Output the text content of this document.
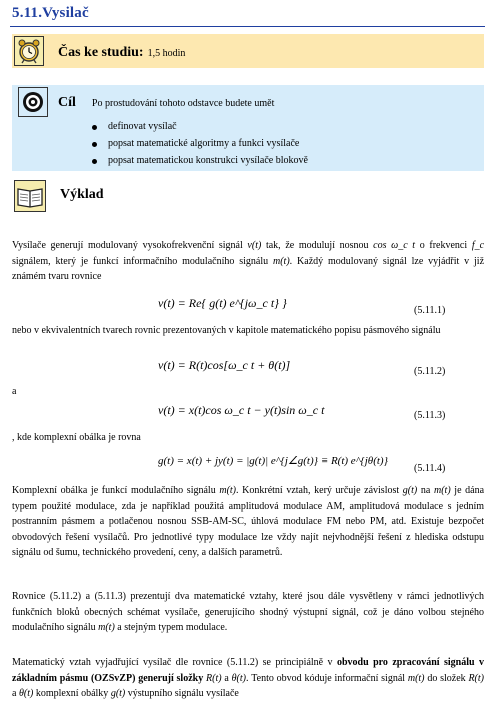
5.11.Vysilač
Čas ke studiu: 1,5 hodin
Cíl Po prostudování tohoto odstavce budete umět
definovat vysílač
popsat matematické algoritmy a funkci vysílače
popsat matematickou konstrukci vysílače blokově
Výklad
Vysílače generují modulovaný vysokofrekvenční signál v(t) tak, že modulují nosnou cos ω_c t o frekvenci f_c signálem, který je funkcí informačního modulačního signálu m(t). Každý modulovaný signál lze vyjádřit v již známém tvaru rovnice
v(t) = Re{ g(t) e^{jω_c t} }
(5.11.1)
nebo v ekvivalentních tvarech rovnic prezentovaných v kapitole matematického popisu pásmového signálu
v(t) = R(t)cos[ω_c t + θ(t)]	(5.11.2)
a
v(t) = x(t)cos ω_c t − y(t)sin ω_c t	(5.11.3)
, kde komplexní obálka je rovna
g(t) = x(t) + jy(t) = |g(t)| e^{j∠g(t)} ≡ R(t) e^{jθ(t)}
(5.11.4)
Komplexní obálka je funkcí modulačního signálu m(t). Konkrétní vztah, kerý určuje závislost g(t) na m(t) je dána typem použité modulace, zda je například použitá amplitudová modulace AM, amplitudová modulace s jedním postranním pásmem a potlačenou nosnou SSB-AM-SC, úhlová modulace FM nebo PM, atd. Existuje bezpočet obvodových řešení vysílačů. Pro jednotlivé typy modulace lze vždy najít nejvhodnější řešení z hlediska odstupu signálu od šumu, technického provedení, ceny, a dalších parametrů.
Rovnice (5.11.2) a (5.11.3) prezentují dva matematické vztahy, které jsou dále vysvětleny v rámci jednotlivých funkčních bloků obecných schémat vysílače, generujícího shodný výstupní signál, což je dáno volbou stejného modulačního signálu m(t) a stejným typem modulace.
Matematický vztah vyjadřující vysílač dle rovnice (5.11.2) se principiálně v obvodu pro zpracování signálu v základním pásmu (OZSvZP) generují složky R(t) a θ(t). Tento obvod kóduje informační signál m(t) do složek R(t) a θ(t) komplexní obálky g(t) výstupního signálu vysílače
